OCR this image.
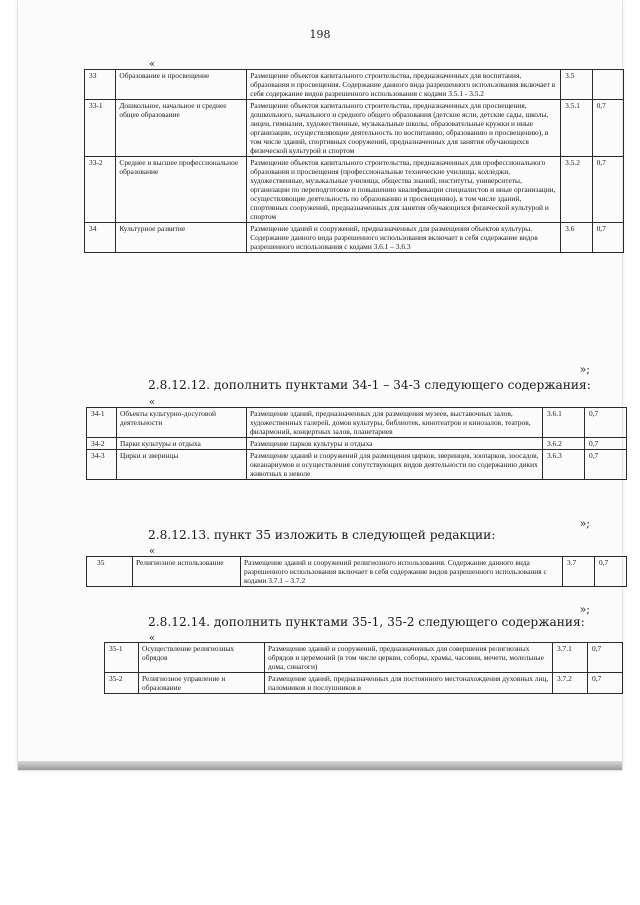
198
«
33	Образование и просвещение	Размещение объектов капитального строительства, предназначенных для воспитания, образования и просвещения. Содержание данного вида разрешенного использования включает в себя содержание видов разрешенного использования с кодами 3.5.1 - 3.5.2	3.5	
33-1	Дошкольное, начальное и среднее общее образование	Размещение объектов капитального строительства, предназначенных для просвещения, дошкольного, начального и среднего общего образования (детские ясли, детские сады, школы, лицеи, гимназии, художественные, музыкальные школы, образовательные кружки и иные организации, осуществляющие деятельность по воспитанию, образованию и просвещению), в том числе зданий, спортивных сооружений, предназначенных для занятия обучающихся физической культурой и спортом	3.5.1	0,7
33-2	Среднее и высшее профессиональное образование	Размещение объектов капитального строительства, предназначенных для профессионального образования и просвещения (профессиональные технические училища, колледжи, художественные, музыкальные училища, общества знаний, институты, университеты, организации по переподготовке и повышению квалификации специалистов и иные организации, осуществляющие деятельность по образованию и просвещению), в том числе зданий, спортивных сооружений, предназначенных для занятия обучающихся физической культурой и спортом	3.5.2	0,7
34	Культурное развитие	Размещение зданий и сооружений, предназначенных для размещения объектов культуры. Содержание данного вида разрешенного использования включает в себя содержание видов разрешенного использования с кодами 3.6.1 – 3.6.3	3.6	0,7
»;
2.8.12.12. дополнить пунктами 34-1 – 34-3 следующего содержания:
«
34-1	Объекты культурно-досуговой деятельности	Размещение зданий, предназначенных для размещения музеев, выставочных залов, художественных галерей, домов культуры, библиотек, кинотеатров и кинозалов, театров, филармоний, концертных залов, планетариев	3.6.1	0,7
34-2	Парки культуры и отдыха	Размещение парков культуры и отдыха	3.6.2	0,7
34-3	Цирки и зверинцы	Размещение зданий и сооружений для размещения цирков, зверинцев, зоопарков, зоосадов, океанариумов и осуществления сопутствующих видов деятельности по содержанию диких животных в неволе	3.6.3	0,7
»;
2.8.12.13. пункт 35 изложить в следующей редакции:
«
35	Религиозное использование	Размещение зданий и сооружений религиозного использования. Содержание данного вида разрешенного использования включает в себя содержание видов разрешенного использования с кодами 3.7.1 – 3.7.2	3.7	0,7
»;
2.8.12.14. дополнить пунктами 35-1, 35-2 следующего содержания:
«
35-1	Осуществление религиозных обрядов	Размещение зданий и сооружений, предназначенных для совершения религиозных обрядов и церемоний (в том числе церкви, соборы, храмы, часовни, мечети, молельные дома, синагоги)	3.7.1	0,7
35-2	Религиозное управление и образование	Размещение зданий, предназначенных для постоянного местонахождения духовных лиц, паломников и послушников в	3.7.2	0,7
